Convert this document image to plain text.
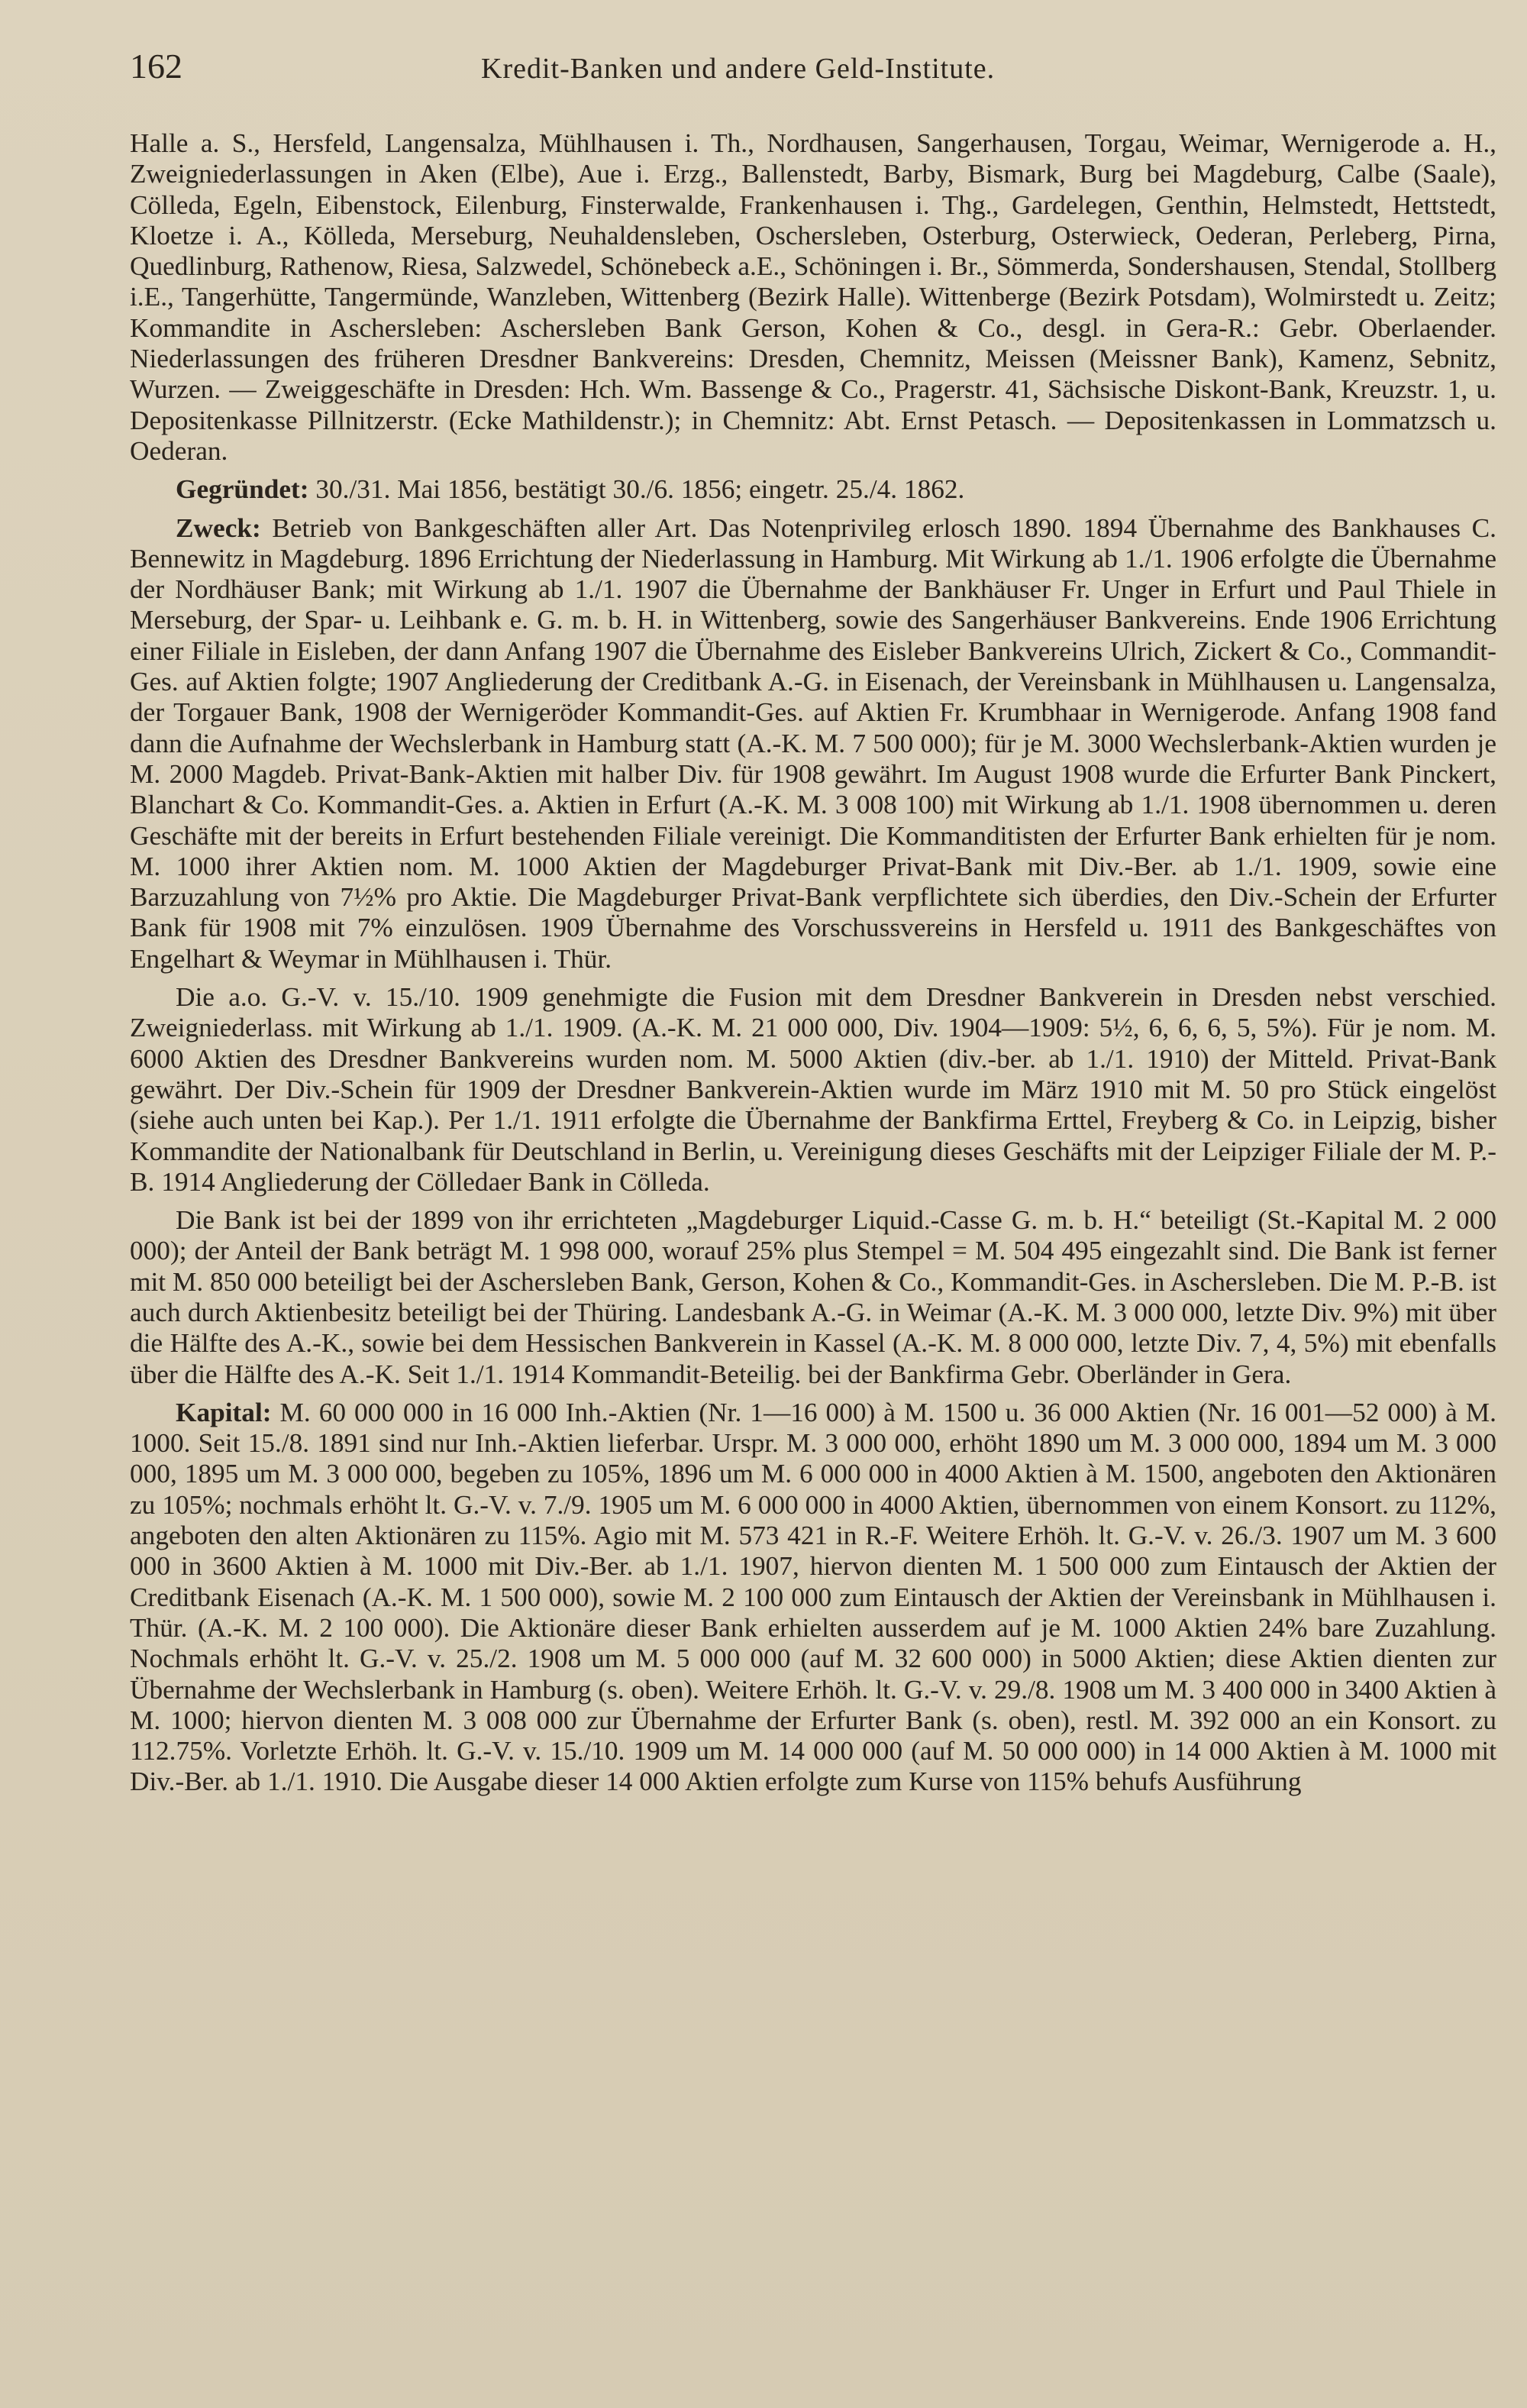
162	Kredit-Banken und andere Geld-Institute.

Halle a. S., Hersfeld, Langensalza, Mühlhausen i. Th., Nordhausen, Sangerhausen, Torgau, Weimar, Wernigerode a. H., Zweigniederlassungen in Aken (Elbe), Aue i. Erzg., Ballenstedt, Barby, Bismark, Burg bei Magdeburg, Calbe (Saale), Cölleda, Egeln, Eibenstock, Eilenburg, Finsterwalde, Frankenhausen i. Thg., Gardelegen, Genthin, Helmstedt, Hettstedt, Kloetze i. A., Kölleda, Merseburg, Neuhaldensleben, Oschersleben, Osterburg, Osterwieck, Oederan, Perleberg, Pirna, Quedlinburg, Rathenow, Riesa, Salzwedel, Schönebeck a.E., Schöningen i. Br., Sömmerda, Sondershausen, Stendal, Stollberg i.E., Tangerhütte, Tangermünde, Wanzleben, Wittenberg (Bezirk Halle). Wittenberge (Bezirk Potsdam), Wolmirstedt u. Zeitz; Kommandite in Aschersleben: Aschersleben Bank Gerson, Kohen & Co., desgl. in Gera-R.: Gebr. Oberlaender. Niederlassungen des früheren Dresdner Bankvereins: Dresden, Chemnitz, Meissen (Meissner Bank), Kamenz, Sebnitz, Wurzen. — Zweiggeschäfte in Dresden: Hch. Wm. Bassenge & Co., Pragerstr. 41, Sächsische Diskont-Bank, Kreuzstr. 1, u. Depositenkasse Pillnitzerstr. (Ecke Mathildenstr.); in Chemnitz: Abt. Ernst Petasch. — Depositenkassen in Lommatzsch u. Oederan.

Gegründet: 30./31. Mai 1856, bestätigt 30./6. 1856; eingetr. 25./4. 1862.

Zweck: Betrieb von Bankgeschäften aller Art. Das Notenprivileg erlosch 1890. 1894 Übernahme des Bankhauses C. Bennewitz in Magdeburg. 1896 Errichtung der Niederlassung in Hamburg. Mit Wirkung ab 1./1. 1906 erfolgte die Übernahme der Nordhäuser Bank; mit Wirkung ab 1./1. 1907 die Übernahme der Bankhäuser Fr. Unger in Erfurt und Paul Thiele in Merseburg, der Spar- u. Leihbank e. G. m. b. H. in Wittenberg, sowie des Sangerhäuser Bankvereins. Ende 1906 Errichtung einer Filiale in Eisleben, der dann Anfang 1907 die Übernahme des Eisleber Bankvereins Ulrich, Zickert & Co., Commandit-Ges. auf Aktien folgte; 1907 Angliederung der Creditbank A.-G. in Eisenach, der Vereinsbank in Mühlhausen u. Langensalza, der Torgauer Bank, 1908 der Wernigeröder Kommandit-Ges. auf Aktien Fr. Krumbhaar in Wernigerode. Anfang 1908 fand dann die Aufnahme der Wechslerbank in Hamburg statt (A.-K. M. 7 500 000); für je M. 3000 Wechslerbank-Aktien wurden je M. 2000 Magdeb. Privat-Bank-Aktien mit halber Div. für 1908 gewährt. Im August 1908 wurde die Erfurter Bank Pinckert, Blanchart & Co. Kommandit-Ges. a. Aktien in Erfurt (A.-K. M. 3 008 100) mit Wirkung ab 1./1. 1908 übernommen u. deren Geschäfte mit der bereits in Erfurt bestehenden Filiale vereinigt. Die Kommanditisten der Erfurter Bank erhielten für je nom. M. 1000 ihrer Aktien nom. M. 1000 Aktien der Magdeburger Privat-Bank mit Div.-Ber. ab 1./1. 1909, sowie eine Barzuzahlung von 7½% pro Aktie. Die Magdeburger Privat-Bank verpflichtete sich überdies, den Div.-Schein der Erfurter Bank für 1908 mit 7% einzulösen. 1909 Übernahme des Vorschussvereins in Hersfeld u. 1911 des Bankgeschäftes von Engelhart & Weymar in Mühlhausen i. Thür.

Die a.o. G.-V. v. 15./10. 1909 genehmigte die Fusion mit dem Dresdner Bankverein in Dresden nebst verschied. Zweigniederlass. mit Wirkung ab 1./1. 1909. (A.-K. M. 21 000 000, Div. 1904—1909: 5½, 6, 6, 6, 5, 5%). Für je nom. M. 6000 Aktien des Dresdner Bankvereins wurden nom. M. 5000 Aktien (div.-ber. ab 1./1. 1910) der Mitteld. Privat-Bank gewährt. Der Div.-Schein für 1909 der Dresdner Bankverein-Aktien wurde im März 1910 mit M. 50 pro Stück eingelöst (siehe auch unten bei Kap.). Per 1./1. 1911 erfolgte die Übernahme der Bankfirma Erttel, Freyberg & Co. in Leipzig, bisher Kommandite der Nationalbank für Deutschland in Berlin, u. Vereinigung dieses Geschäfts mit der Leipziger Filiale der M. P.-B. 1914 Angliederung der Cölledaer Bank in Cölleda.

Die Bank ist bei der 1899 von ihr errichteten „Magdeburger Liquid.-Casse G. m. b. H.“ beteiligt (St.-Kapital M. 2 000 000); der Anteil der Bank beträgt M. 1 998 000, worauf 25% plus Stempel = M. 504 495 eingezahlt sind. Die Bank ist ferner mit M. 850 000 beteiligt bei der Aschersleben Bank, Gerson, Kohen & Co., Kommandit-Ges. in Aschersleben. Die M. P.-B. ist auch durch Aktienbesitz beteiligt bei der Thüring. Landesbank A.-G. in Weimar (A.-K. M. 3 000 000, letzte Div. 9%) mit über die Hälfte des A.-K., sowie bei dem Hessischen Bankverein in Kassel (A.-K. M. 8 000 000, letzte Div. 7, 4, 5%) mit ebenfalls über die Hälfte des A.-K. Seit 1./1. 1914 Kommandit-Beteilig. bei der Bankfirma Gebr. Oberländer in Gera.

Kapital: M. 60 000 000 in 16 000 Inh.-Aktien (Nr. 1—16 000) à M. 1500 u. 36 000 Aktien (Nr. 16 001—52 000) à M. 1000. Seit 15./8. 1891 sind nur Inh.-Aktien lieferbar. Urspr. M. 3 000 000, erhöht 1890 um M. 3 000 000, 1894 um M. 3 000 000, 1895 um M. 3 000 000, begeben zu 105%, 1896 um M. 6 000 000 in 4000 Aktien à M. 1500, angeboten den Aktionären zu 105%; nochmals erhöht lt. G.-V. v. 7./9. 1905 um M. 6 000 000 in 4000 Aktien, übernommen von einem Konsort. zu 112%, angeboten den alten Aktionären zu 115%. Agio mit M. 573 421 in R.-F. Weitere Erhöh. lt. G.-V. v. 26./3. 1907 um M. 3 600 000 in 3600 Aktien à M. 1000 mit Div.-Ber. ab 1./1. 1907, hiervon dienten M. 1 500 000 zum Eintausch der Aktien der Creditbank Eisenach (A.-K. M. 1 500 000), sowie M. 2 100 000 zum Eintausch der Aktien der Vereinsbank in Mühlhausen i. Thür. (A.-K. M. 2 100 000). Die Aktionäre dieser Bank erhielten ausserdem auf je M. 1000 Aktien 24% bare Zuzahlung. Nochmals erhöht lt. G.-V. v. 25./2. 1908 um M. 5 000 000 (auf M. 32 600 000) in 5000 Aktien; diese Aktien dienten zur Übernahme der Wechslerbank in Hamburg (s. oben). Weitere Erhöh. lt. G.-V. v. 29./8. 1908 um M. 3 400 000 in 3400 Aktien à M. 1000; hiervon dienten M. 3 008 000 zur Übernahme der Erfurter Bank (s. oben), restl. M. 392 000 an ein Konsort. zu 112.75%. Vorletzte Erhöh. lt. G.-V. v. 15./10. 1909 um M. 14 000 000 (auf M. 50 000 000) in 14 000 Aktien à M. 1000 mit Div.-Ber. ab 1./1. 1910. Die Ausgabe dieser 14 000 Aktien erfolgte zum Kurse von 115% behufs Ausführung
